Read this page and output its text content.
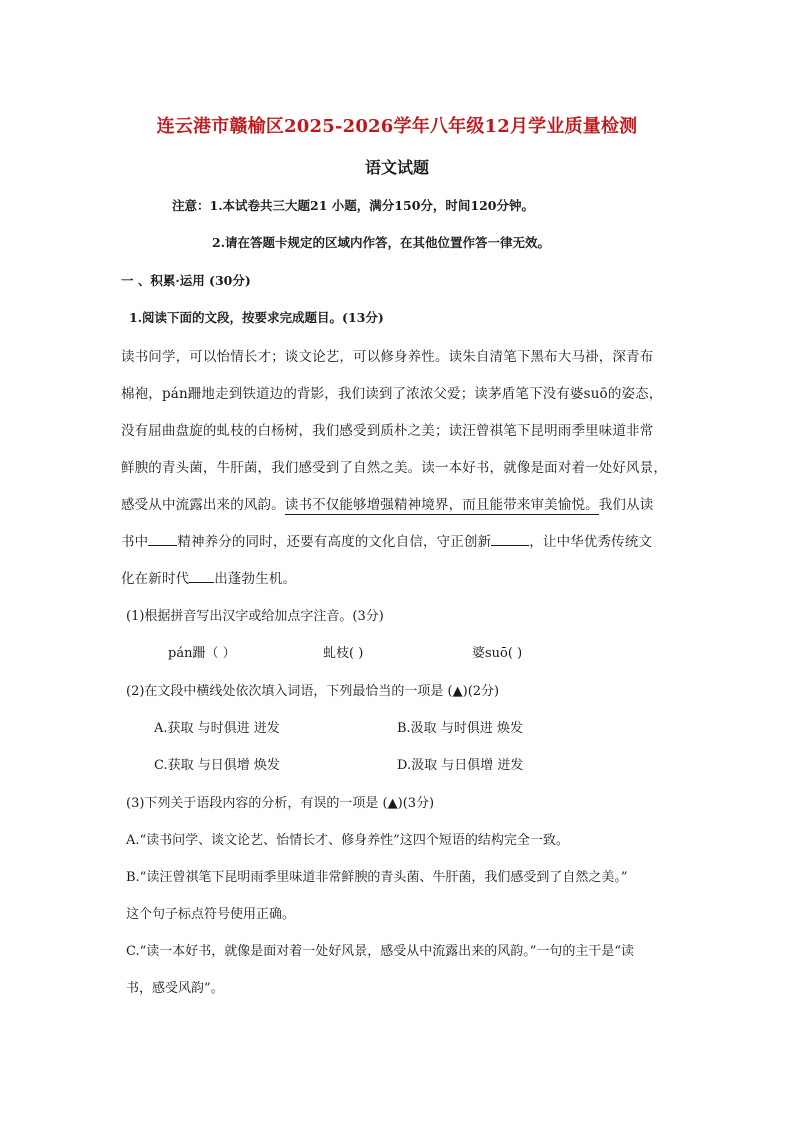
连云港市赣榆区2025-2026学年八年级12月学业质量检测
语文试题
注意：1.本试卷共三大题21 小题，满分150分，时间120分钟。
2.请在答题卡规定的区域内作答，在其他位置作答一律无效。
一 、积累·运用 (30分)
1.阅读下面的文段，按要求完成题目。(13分)
读书问学，可以怡情长才；谈文论艺，可以修身养性。读朱自清笔下黑布大马褂，深青布
棉袍，pán跚地走到铁道边的背影，我们读到了浓浓父爱；读茅盾笔下没有婆suō的姿态，
没有屈曲盘旋的虬枝的白杨树，我们感受到质朴之美；读汪曾祺笔下昆明雨季里味道非常
鲜腴的青头菌，牛肝菌，我们感受到了自然之美。读一本好书，就像是面对着一处好风景，
感受从中流露出来的风韵。读书不仅能够增强精神境界，而且能带来审美愉悦。我们从读
书中 精神养分的同时，还要有高度的文化自信，守正创新	，让中华优秀传统文
化在新时代 出蓬勃生机。
(1)根据拼音写出汉字或给加点字注音。(3分)
pán跚（ ）	虬枝( )	婆suō( )
(2)在文段中横线处依次填入词语，下列最恰当的一项是 (▲)(2分)
A.获取 与时俱进 迸发	B.汲取 与时俱进 焕发
C.获取 与日俱增 焕发	D.汲取 与日俱增 迸发
(3)下列关于语段内容的分析，有误的一项是 (▲)(3分)
A.“读书问学、谈文论艺、怡情长才、修身养性”这四个短语的结构完全一致。
B.“读汪曾祺笔下昆明雨季里味道非常鲜腴的青头菌、牛肝菌，我们感受到了自然之美。”
这个句子标点符号使用正确。
C.“读一本好书，就像是面对着一处好风景，感受从中流露出来的风韵。”一句的主干是“读
书，感受风韵”。
